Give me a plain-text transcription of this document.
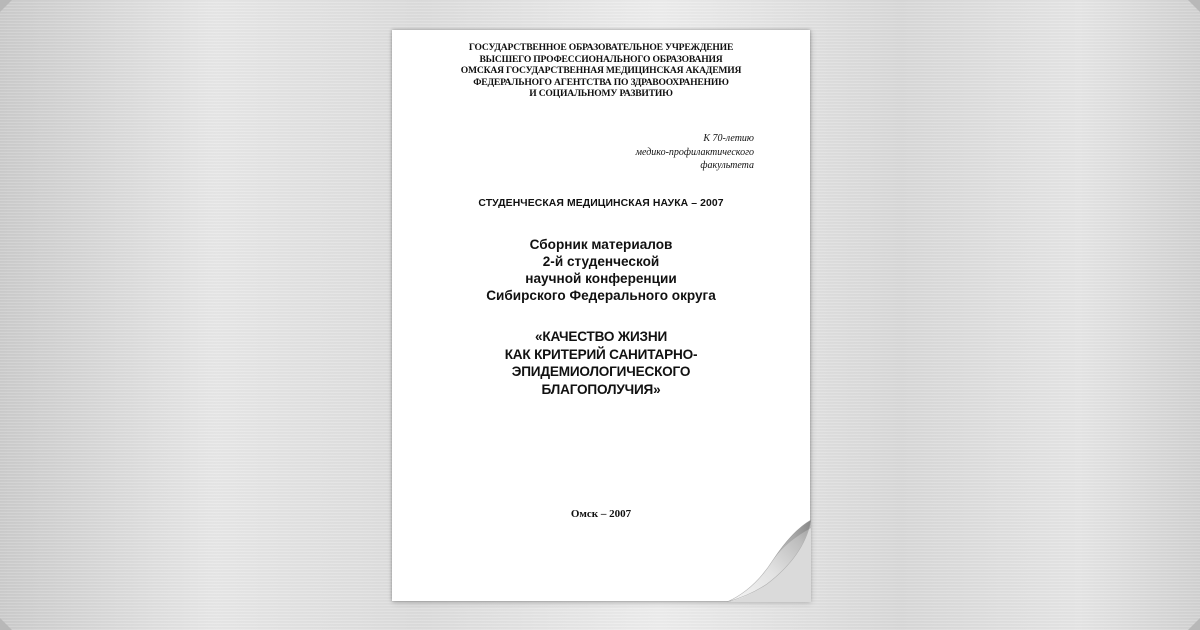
ГОСУДАРСТВЕННОЕ ОБРАЗОВАТЕЛЬНОЕ УЧРЕЖДЕНИЕ
ВЫСШЕГО ПРОФЕССИОНАЛЬНОГО ОБРАЗОВАНИЯ
ОМСКАЯ ГОСУДАРСТВЕННАЯ МЕДИЦИНСКАЯ АКАДЕМИЯ
ФЕДЕРАЛЬНОГО АГЕНТСТВА ПО ЗДРАВООХРАНЕНИЮ
И СОЦИАЛЬНОМУ РАЗВИТИЮ
К 70-летию
медико-профилактического
факультета
СТУДЕНЧЕСКАЯ МЕДИЦИНСКАЯ НАУКА – 2007
Сборник материалов
2-й студенческой
научной конференции
Сибирского Федерального округа
«КАЧЕСТВО ЖИЗНИ
КАК КРИТЕРИЙ САНИТАРНО-
ЭПИДЕМИОЛОГИЧЕСКОГО
БЛАГОПОЛУЧИЯ»
Омск – 2007
